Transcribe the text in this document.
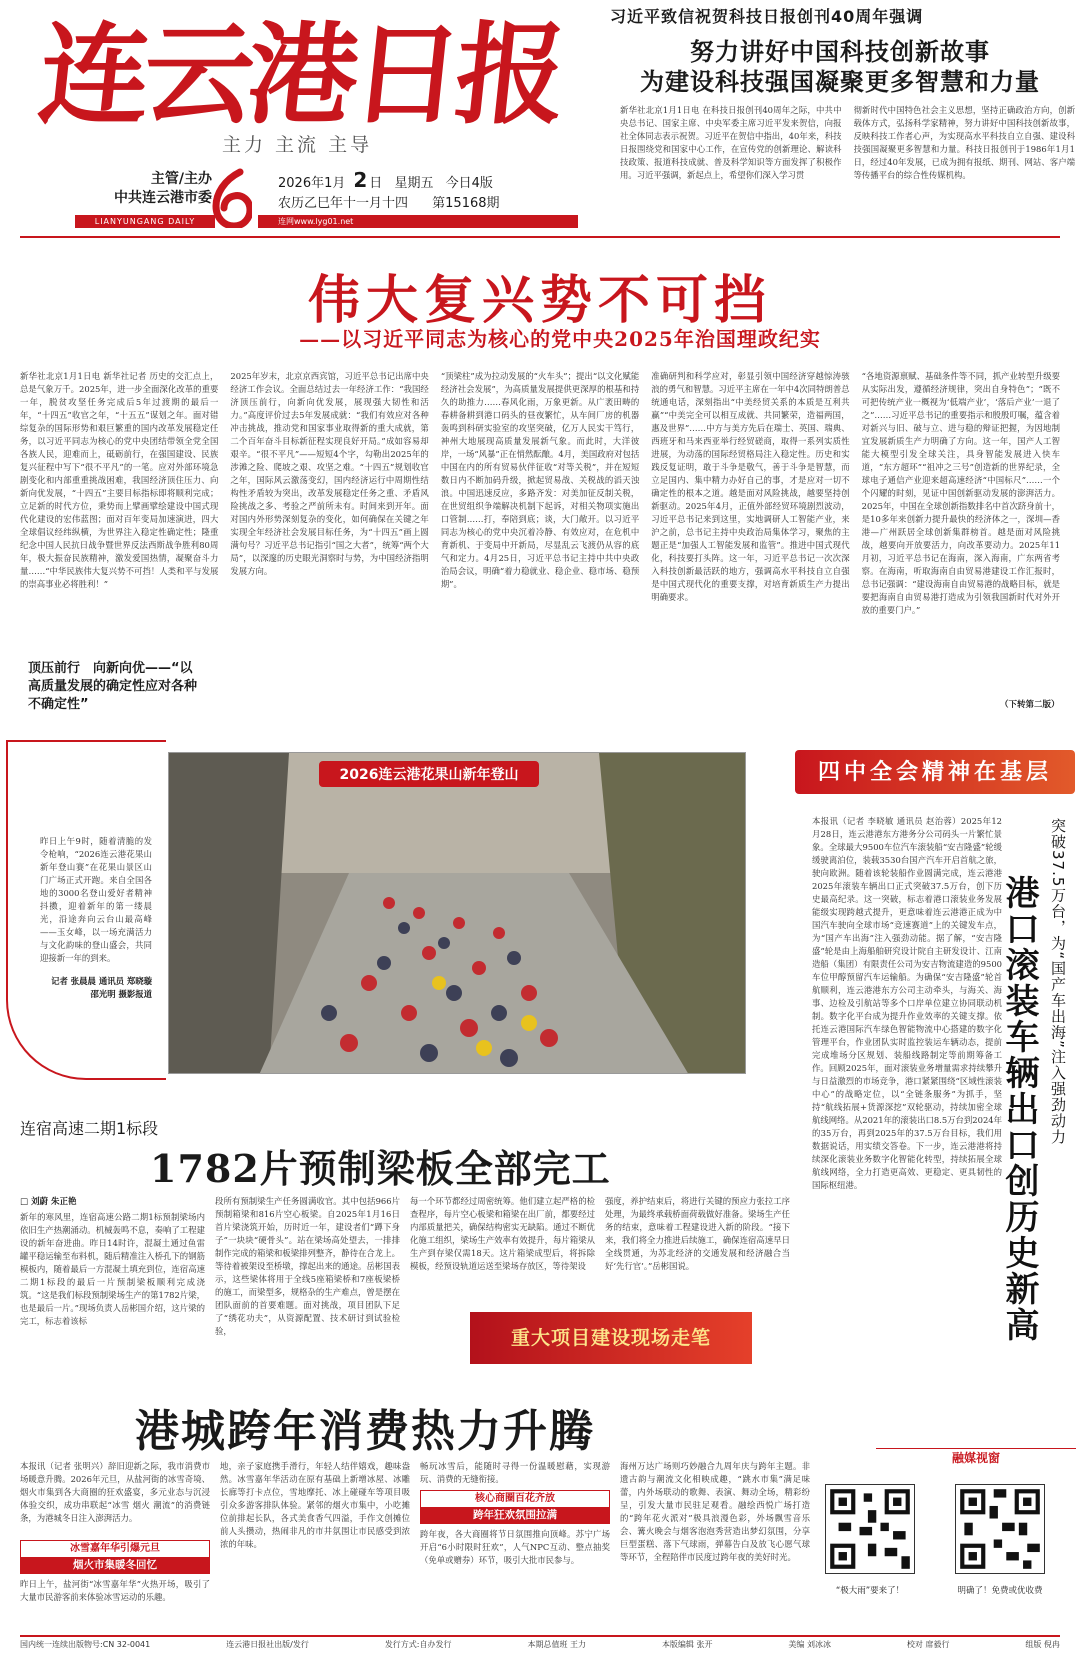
连云港日报
主力 主流 主导
主管/主办
中共连云港市委
LIANYUNGANG DAILY
2026年1月 2 日 星期五 今日4版
农历乙巳年十一月十四 第15168期
连网www.lyg01.net
习近平致信祝贺科技日报创刊40周年强调
努力讲好中国科技创新故事
为建设科技强国凝聚更多智慧和力量
新华社北京1月1日电 在科技日报创刊40周年之际，中共中央总书记、国家主席、中央军委主席习近平发来贺信，向报社全体同志表示祝贺。习近平在贺信中指出，40年来，科技日报围绕党和国家中心工作，在宣传党的创新理论、解读科技政策、报道科技成就、普及科学知识等方面发挥了积极作用。习近平强调，新起点上，希望你们深入学习贯
彻新时代中国特色社会主义思想，坚持正确政治方向，创新载体方式，弘扬科学家精神，努力讲好中国科技创新故事，反映科技工作者心声，为实现高水平科技自立自强、建设科技强国凝聚更多智慧和力量。科技日报创刊于1986年1月1日，经过40年发展，已成为拥有报纸、期刊、网站、客户端等传播平台的综合性传媒机构。
伟大复兴势不可挡
——以习近平同志为核心的党中央2025年治国理政纪实
新华社北京1月1日电 新华社记者 历史的交汇点上，总是气象万千。2025年，进一步全面深化改革的重要一年，脱贫攻坚任务完成后5年过渡期的最后一年，“十四五”收官之年，“十五五”谋划之年。面对错综复杂的国际形势和艰巨繁重的国内改革发展稳定任务，以习近平同志为核心的党中央团结带领全党全国各族人民，迎难而上，砥砺前行，在强国建设、民族复兴征程中写下“很不平凡”的一笔。应对外部环境急剧变化和内部重重挑战困难，我国经济顶住压力、向新向优发展，“十四五”主要目标指标即将顺利完成；立足新的时代方位，秉势而上擘画擘绘建设中国式现代化建设的宏伟蓝图；面对百年变局加速演进，四大全球倡议经纬纵横，为世界注入稳定性确定性；隆重纪念中国人民抗日战争暨世界反法西斯战争胜利80周年，极大振奋民族精神，激发爱国热情，凝聚奋斗力量……“中华民族伟大复兴势不可挡！人类和平与发展的崇高事业必将胜利！”
2025年岁末，北京京西宾馆，习近平总书记出席中央经济工作会议。全面总结过去一年经济工作：“我国经济顶压前行，向新向优发展，展现强大韧性和活力。”高度评价过去5年发展成就：“我们有效应对各种冲击挑战，推动党和国家事业取得新的重大成就，第二个百年奋斗目标新征程实现良好开局。”成如容易却艰辛。“很不平凡”——短短4个字，勾勒出2025年的涉滩之险、爬坡之艰、攻坚之难。“十四五”规划收官之年，国际风云激荡变幻，国内经济运行中周期性结构性矛盾较为突出，改革发展稳定任务之重、矛盾风险挑战之多、考验之严前所未有。时间来到开年。面对国内外形势深刻复杂的变化，如何确保在关键之年实现全年经济社会发展目标任务，为“十四五”画上圆满句号？习近平总书记指引“国之大者”，统筹“两个大局”，以深邃的历史眼光洞察时与势，为中国经济指明发展方向。
“顶梁柱”成为拉动发展的“火车头”；提出“以文化赋能经济社会发展”，为高质量发展提供更深厚的根基和持久的助推力……春风化雨，万象更新。从广袤田畴的春耕备耕到港口码头的昼夜繁忙，从车间厂房的机器轰鸣到科研实验室的攻坚突破，亿万人民实干笃行，神州大地展现高质量发展新气象。而此时，大洋彼岸，一场“风暴”正在悄然酝酿。4月，美国政府对包括中国在内的所有贸易伙伴征收“对等关税”，并在短短数日内不断加码升级，掀起贸易战、关税战的滔天浊浪。中国迅速反应，多路齐发：对美加征反制关税，在世贸组织争端解决机制下起诉，对相关物项实施出口管制……打，奉陪到底；谈，大门敞开。以习近平同志为核心的党中央沉着冷静、有效应对，在危机中育新机、于变局中开新局，尽显乱云飞渡仍从容的底气和定力。4月25日，习近平总书记主持中共中央政治局会议，明确“着力稳就业、稳企业、稳市场、稳预期”。
准确研判和科学应对，彰显引领中国经济穿越惊涛骇浪的勇气和智慧。习近平主席在一年中4次同特朗普总统通电话，深刻指出“中美经贸关系的本质是互利共赢”“中美完全可以相互成就、共同繁荣，造福两国，惠及世界”……中方与美方先后在瑞士、英国、瑞典、西班牙和马来西亚举行经贸磋商，取得一系列实质性进展，为动荡的国际经贸格局注入稳定性。历史和实践反复证明，敢于斗争是敬气，善于斗争是智慧，而立足国内、集中精力办好自己的事，才是应对一切不确定性的根本之道。越是面对风险挑战，越要坚持创新驱动。2025年4月，正值外部经贸环境剧烈波动，习近平总书记来到这里，实地调研人工智能产业，来沪之前，总书记主持中央政治局集体学习，聚焦的主题正是“加强人工智能发展和监管”。推进中国式现代化，科技要打头阵。这一年，习近平总书记一次次深入科技创新最活跃的地方，强调高水平科技自立自强是中国式现代化的重要支撑，对培育新质生产力提出明确要求。
“各地资源禀赋、基础条件等不同，抓产业转型升级要从实际出发，遵循经济规律，突出自身特色”；“既不可把传统产业一概视为‘低端产业’，‘落后产业’一退了之”……习近平总书记的重要指示和殷殷叮嘱，蕴含着对新兴与旧、破与立、进与稳的辩证把握，为因地制宜发展新质生产力明确了方向。这一年，国产人工智能大模型引发全球关注，具身智能发展进入快车道，“东方超环”“祖冲之三号”创造新的世界纪录，全球电子通信产业迎来超高速经济“中国标尺”……一个个闪耀的时刻，见证中国创新驱动发展的澎湃活力。2025年，中国在全球创新指数排名中首次跻身前十，是10多年来创新力提升最快的经济体之一，深圳—香港—广州跃居全球创新集群榜首。越是面对风险挑战，越要向开放要活力，向改革要动力。2025年11月初，习近平总书记在海南，深入海南，广东两省考察。在海南，听取海南自由贸易港建设工作汇报时，总书记强调：“建设海南自由贸易港的战略目标，就是要把海南自由贸易港打造成为引领我国新时代对外开放的重要门户。”
顶压前行　向新向优——“以高质量发展的确定性应对各种不确定性”	（下转第二版）
昨日上午9时，随着清脆的发令枪响，“2026连云港花果山新年登山赛”在花果山景区山门广场正式开跑。来自全国各地的3000名登山爱好者精神抖擞，迎着新年的第一缕晨光，沿途奔向云台山最高峰——玉女峰，以一场充满活力与文化韵味的登山盛会，共同迎接新一年的到来。
记者 张晨晨 通讯员 郑晓璇 邵光明 摄影报道
2026连云港花果山新年登山	四中全会精神在基层
本报讯（记者 李晓敏 通讯员 赵治蓉）2025年12月28日，连云港港东方港务分公司码头一片繁忙景象。全球最大9500车位汽车滚装船“安吉隆盛”轮缓缓驶离泊位，装载3530台国产汽车开启首航之旅，驶向欧洲。随着该轮装船作业圆满完成，连云港港2025年滚装车辆出口正式突破37.5万台，创下历史最高纪录。这一突破，标志着港口滚装业务发展能级实现跨越式提升，更意味着连云港港正成为中国汽车驶向全球市场“竞速赛道”上的关键发车点，为“国产车出海”注入强劲动能。据了解，“安吉隆盛”轮是由上海船舶研究设计院自主研发设计、江南造船（集团）有限责任公司为安吉物流建造的9500车位甲醇预留汽车运输船。为确保“安吉隆盛”轮首航顺利，连云港港东方公司主动牵头，与海关、海事、边检及引航站等多个口岸单位建立协同联动机制。数字化平台成为提升作业效率的关键支撑。依托连云港国际汽车绿色智能物流中心搭建的数字化管理平台，作业团队实时监控装运车辆动态，提前完成堆场分区规划、装船线路制定等前期筹备工作。回顾2025年，面对滚装业务增量需求持续攀升与日益激烈的市场竞争，港口紧紧围绕“区域性滚装中心”的战略定位，以“全链条服务”为抓手，坚持“航线拓展+货源深挖”双轮驱动，持续加密全球航线网络。从2021年的滚装出口8.5万台到2024年的35万台，再到2025年的37.5万台目标，我们用数据说话，用实绩交答卷。下一步，连云港港将持续深化滚装业务数字化智能化转型，持续拓展全球航线网络，全力打造更高效、更稳定、更具韧性的国际枢纽港。	港口滚装车辆出口创历史新高 突破37.5万台，为“国产车出海”注入强劲动力
连宿高速二期1标段
1782片预制梁板全部完工
□ 刘蔚 朱正艳
新年的寒风里，连宿高速公路二期1标预制梁场内依旧生产热潮涌动。机械轰鸣不息，奏响了工程建设的新年奋进曲。昨日14时许，混凝土通过鱼雷罐平稳运输至布料机，随后精准注入桥孔下的钢筋模板内，随着最后一方混凝土填充到位，连宿高速二期1标段的最后一片预制梁板顺利完成浇筑。“这是我们标段预制梁场生产的第1782片梁，也是最后一片。”现场负责人岳彬国介绍，这片梁的完工，标志着该标
段所有预制梁生产任务圆满收官。其中包括966片预制箱梁和816片空心板梁。自2025年1月16日首片梁浇筑开始，历时近一年，建设者们“蹲下身子”一块块“硬骨头”。站在梁场高处望去，一排排制作完成的箱梁和板梁排列整齐，静待在合龙上。等待着被架设至桥墩，撑起出来的通途。岳彬国表示，这些梁体将用于全线5座箱梁桥和7座板梁桥的施工，而梁型多，规格杂的生产难点，曾是摆在团队面前的首要难题。面对挑战，项目团队下足了“绣花功夫”，从资源配置、技术研讨到试验检验，
每一个环节都经过周密统筹。他们建立起严格的检查程序，每片空心板梁和箱梁在出厂前，都要经过内部质量把关，确保结构密实无缺陷。通过不断优化施工组织，梁场生产效率有效提升，每片箱梁从生产到存梁仅需18天。这片箱梁成型后，将拆除模板，经预设轨道运送至梁场存放区，等待架设
强度，养护结束后，将进行关键的预应力张拉工序处理，为最终承载桥面荷载做好准备。梁场生产任务的结束，意味着工程建设进入新的阶段。“接下来，我们将全力推进后续施工，确保连宿高速早日全线贯通，为苏北经济的交通发展和经济融合当好‘先行官’。”岳彬国说。
重大项目建设现场走笔
港城跨年消费热力升腾
本报讯（记者 张明兴）辞旧迎新之际，我市消费市场暖意升腾。2026年元旦，从盐河街的冰雪奇境、烟火市集到各大商圈的狂欢盛宴，多元业态与沉浸体验交织，成功串联起“冰雪 烟火 潮流”的消费链条，为港城冬日注入澎湃活力。
冰雪嘉年华引爆元旦
烟火市集暖冬回忆
昨日上午，盐河街“冰雪嘉年华”火热开场，吸引了大量市民游客前来体验冰雪运动的乐趣。
地，亲子家庭携手滑行，年轻人结伴嬉戏，趣味盎然。冰雪嘉年华活动在原有基础上新增冰屋、冰雕长廊等打卡点位，雪地摩托、冰上碰碰车等项目吸引众多游客排队体验。紧邻的烟火市集中，小吃摊位前排起长队，各式美食香气四溢，手作文创摊位前人头攒动，热闹非凡的市井氛围让市民感受到浓浓的年味。
畅玩冰雪后，能随时寻得一份温暖慰藉，实现游玩、消费的无缝衔接。
核心商圈百花齐放
跨年狂欢氛围拉满
跨年夜，各大商圈将节日氛围推向顶峰。苏宁广场开启“6小时限时狂欢”，人气NPC互动、整点抽奖（免单或赠券）环节，吸引大批市民参与。
海州万达广场则巧妙融合九周年庆与跨年主题。非遗古韵与潮流文化相映成趣，“跳水市集”满足味蕾，内外场联动的歌舞、表演、舞动全场，精彩纷呈，引发大量市民驻足观看。融绘西悦广场打造的“跨年花火派对”极具浪漫色彩，外场飘雪音乐会、篝火晚会与烟客泡泡秀营造出梦幻氛围，分享巨型蛋糕、落下气球雨，弹幕告白及放飞心愿气球等环节，全程陪伴市民度过跨年夜的美好时光。
融媒视窗
“极大雨”要来了！	明确了！免费或优收费
国内统一连续出版物号:CN 32-0041	连云港日报社出版/发行	发行方式:自办发行	本期总值班 王力	本版编辑 张开	美编 刘冰冰	校对 席毅行	组版 倪冉
